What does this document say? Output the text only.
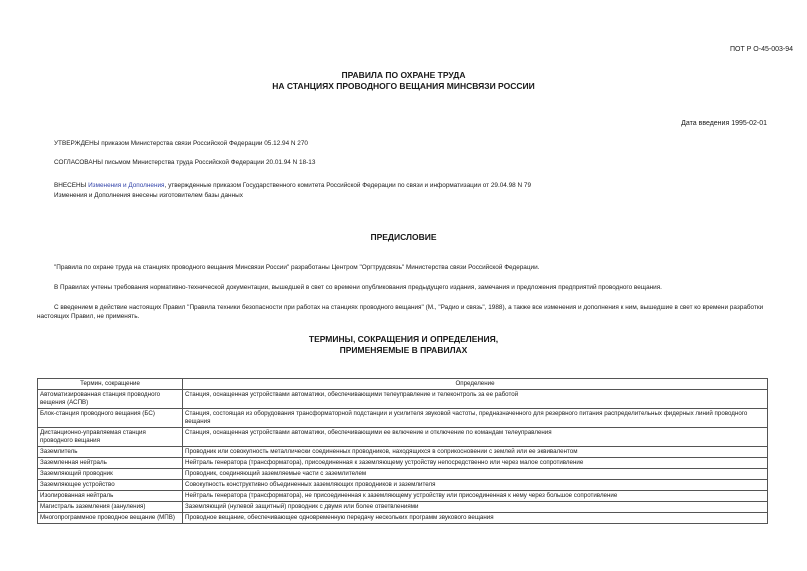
ПОТ Р О-45-003-94
ПРАВИЛА ПО ОХРАНЕ ТРУДА
НА СТАНЦИЯХ ПРОВОДНОГО ВЕЩАНИЯ МИНСВЯЗИ РОССИИ
Дата введения 1995-02-01
УТВЕРЖДЕНЫ приказом Министерства связи Российской Федерации 05.12.94 N 270
СОГЛАСОВАНЫ письмом Министерства труда Российской Федерации 20.01.94 N 18-13
ВНЕСЕНЫ Изменения и Дополнения, утвержденные приказом Государственного комитета Российской Федерации по связи и информатизации от 29.04.98 N 79
Изменения и Дополнения внесены изготовителем базы данных
ПРЕДИСЛОВИЕ
"Правила по охране труда на станциях проводного вещания Минсвязи России" разработаны Центром "Оргтрудсвязь" Министерства связи Российской Федерации.
В Правилах учтены требования нормативно-технической документации, вышедшей в свет со времени опубликования предыдущего издания, замечания и предложения предприятий проводного вещания.
С введением в действие настоящих Правил "Правила техники безопасности при работах на станциях проводного вещания" (М., "Радио и связь", 1988), а также все изменения и дополнения к ним, вышедшие в свет ко времени разработки настоящих Правил, не применять.
ТЕРМИНЫ, СОКРАЩЕНИЯ И ОПРЕДЕЛЕНИЯ,
ПРИМЕНЯЕМЫЕ В ПРАВИЛАХ
Термин, сокращение	Определение
Автоматизированная станция проводного вещения (АСПВ)	Станция, оснащенная устройствами автоматики, обеспечивающими телеуправление и телеконтроль за ее работой
Блок-станция проводного вещания (БС)	Станция, состоящая из оборудования трансформаторной подстанции и усилителя звуковой частоты, предназначенного для резервного питания распределительных фидерных линий проводного вещания
Дистанционно-управляемая станция проводного вещания	Станция, оснащенная устройствами автоматики, обеспечивающими ее включение и отключение по командам телеуправления
Заземлитель	Проводник или совокупность металлически соединенных проводников, находящихся в соприкосновении с землей или ее эквивалентом
Заземленная нейтраль	Нейтраль генератора (трансформатора), присоединенная к заземляющему устройству непосредственно или через малое сопротивление
Заземляющий проводник	Проводник, соединяющий заземляемые части с заземлителем
Заземляющее устройство	Совокупность конструктивно объединенных заземляющих проводников и заземлителя
Изолированная нейтраль	Нейтраль генератора (трансформатора), не присоединенная к заземляющему устройству или присоединенная к нему через большое сопротивление
Магистраль заземления (зануления)	Заземляющий (нулевой защитный) проводник с двумя или более ответвлениями
Многопрограммное проводное вещание (МПВ)	Проводное вещание, обеспечивающее одновременную передачу нескольких программ звукового вещания
